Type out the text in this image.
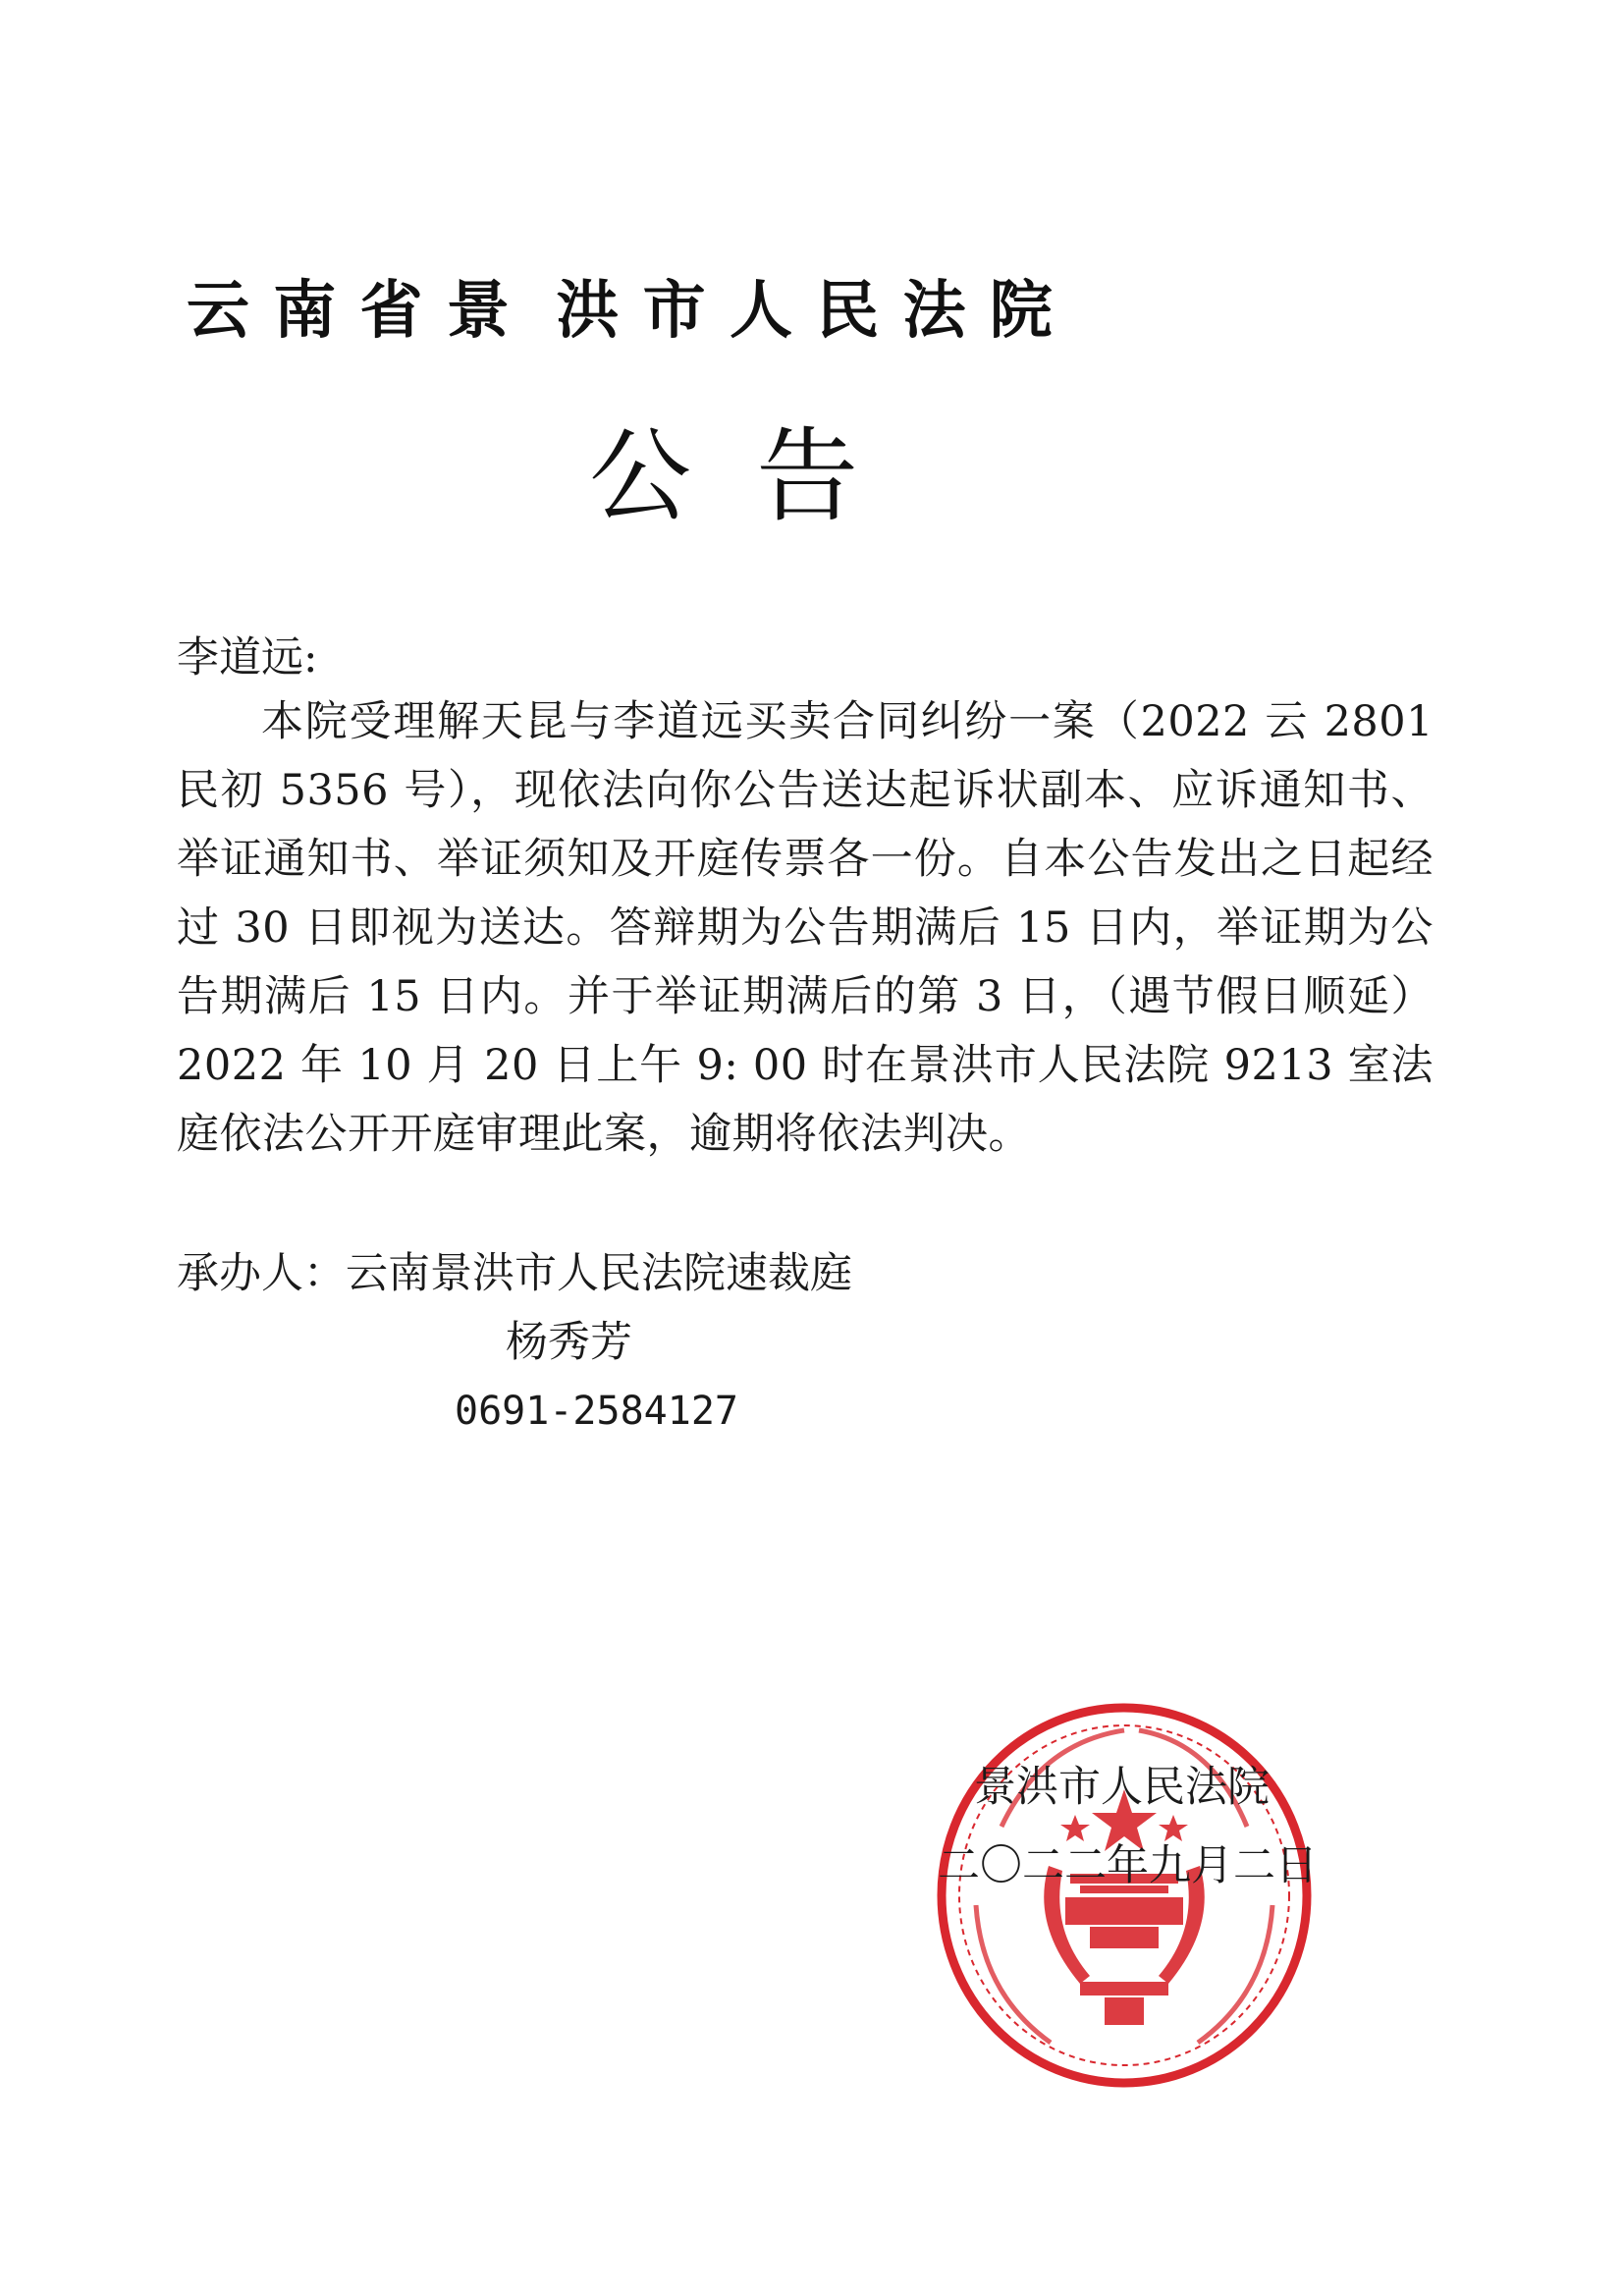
云 南 省 景  洪 市 人 民 法 院
公  告
李道远:
本院受理解天昆与李道远买卖合同纠纷一案（2022 云 2801 民初 5356 号），现依法向你公告送达起诉状副本、应诉通知书、举证通知书、举证须知及开庭传票各一份。自本公告发出之日起经过 30 日即视为送达。答辩期为公告期满后 15 日内，举证期为公告期满后 15 日内。并于举证期满后的第 3 日，（遇节假日顺延）2022 年 10 月 20 日上午 9: 00 时在景洪市人民法院 9213 室法庭依法公开开庭审理此案，逾期将依法判决。
承办人：云南景洪市人民法院速裁庭
杨秀芳
0691-2584127
景洪市人民法院
二〇二二年九月二日
